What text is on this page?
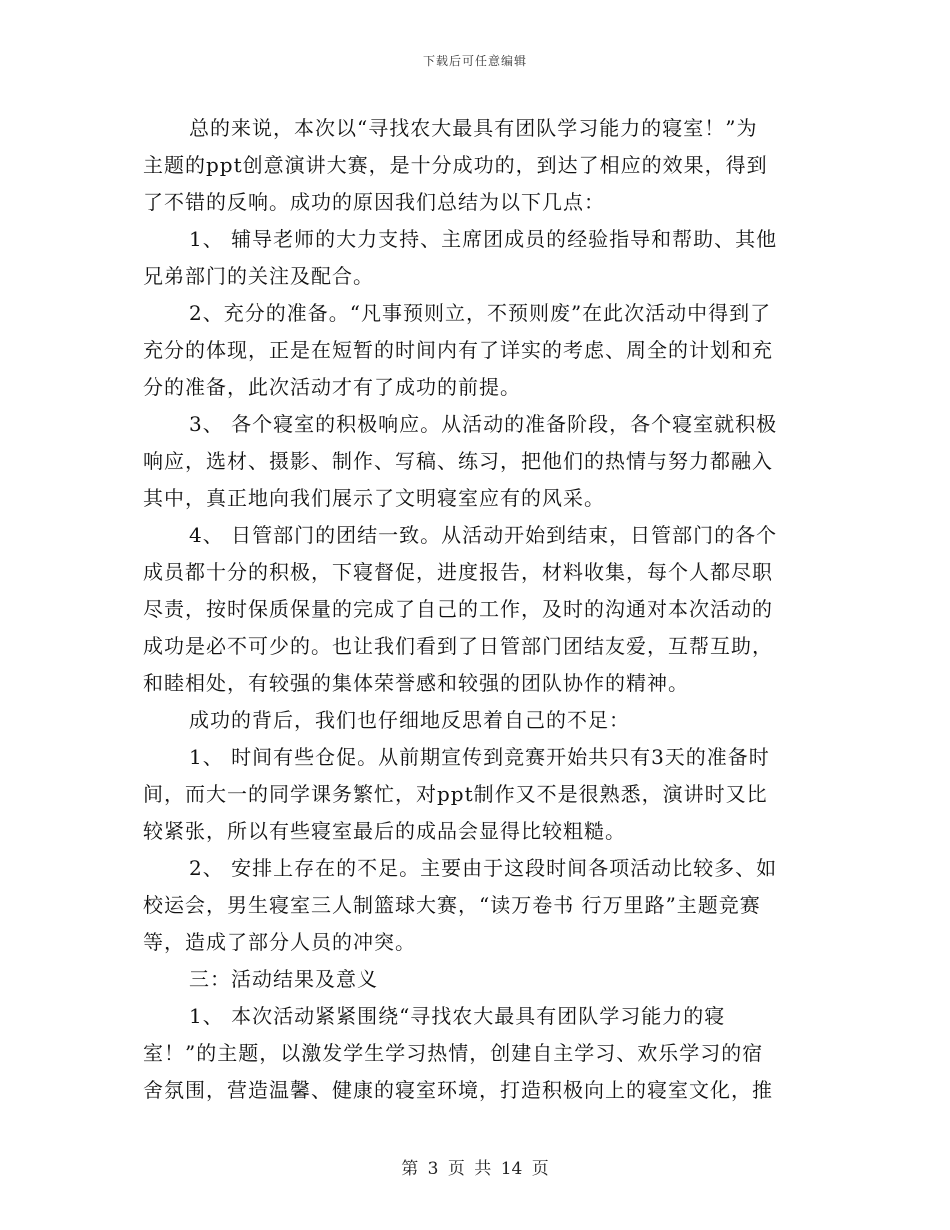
下载后可任意编辑
总的来说，本次以“寻找农大最具有团队学习能力的寝室！”为
主题的ppt创意演讲大赛，是十分成功的，到达了相应的效果，得到
了不错的反响。成功的原因我们总结为以下几点：
1、 辅导老师的大力支持、主席团成员的经验指导和帮助、其他
兄弟部门的关注及配合。
2、充分的准备。“凡事预则立，不预则废”在此次活动中得到了
充分的体现，正是在短暂的时间内有了详实的考虑、周全的计划和充
分的准备，此次活动才有了成功的前提。
3、 各个寝室的积极响应。从活动的准备阶段，各个寝室就积极
响应，选材、摄影、制作、写稿、练习，把他们的热情与努力都融入
其中，真正地向我们展示了文明寝室应有的风采。
4、 日管部门的团结一致。从活动开始到结束，日管部门的各个
成员都十分的积极，下寝督促，进度报告，材料收集，每个人都尽职
尽责，按时保质保量的完成了自己的工作，及时的沟通对本次活动的
成功是必不可少的。也让我们看到了日管部门团结友爱，互帮互助，
和睦相处，有较强的集体荣誉感和较强的团队协作的精神。
成功的背后，我们也仔细地反思着自己的不足：
1、 时间有些仓促。从前期宣传到竞赛开始共只有3天的准备时
间，而大一的同学课务繁忙，对ppt制作又不是很熟悉，演讲时又比
较紧张，所以有些寝室最后的成品会显得比较粗糙。
2、 安排上存在的不足。主要由于这段时间各项活动比较多、如
校运会，男生寝室三人制篮球大赛，“读万卷书 行万里路”主题竞赛
等，造成了部分人员的冲突。
三：活动结果及意义
1、 本次活动紧紧围绕“寻找农大最具有团队学习能力的寝
室！”的主题，以激发学生学习热情，创建自主学习、欢乐学习的宿
舍氛围，营造温馨、健康的寝室环境，打造积极向上的寝室文化，推
第 3 页 共 14 页
